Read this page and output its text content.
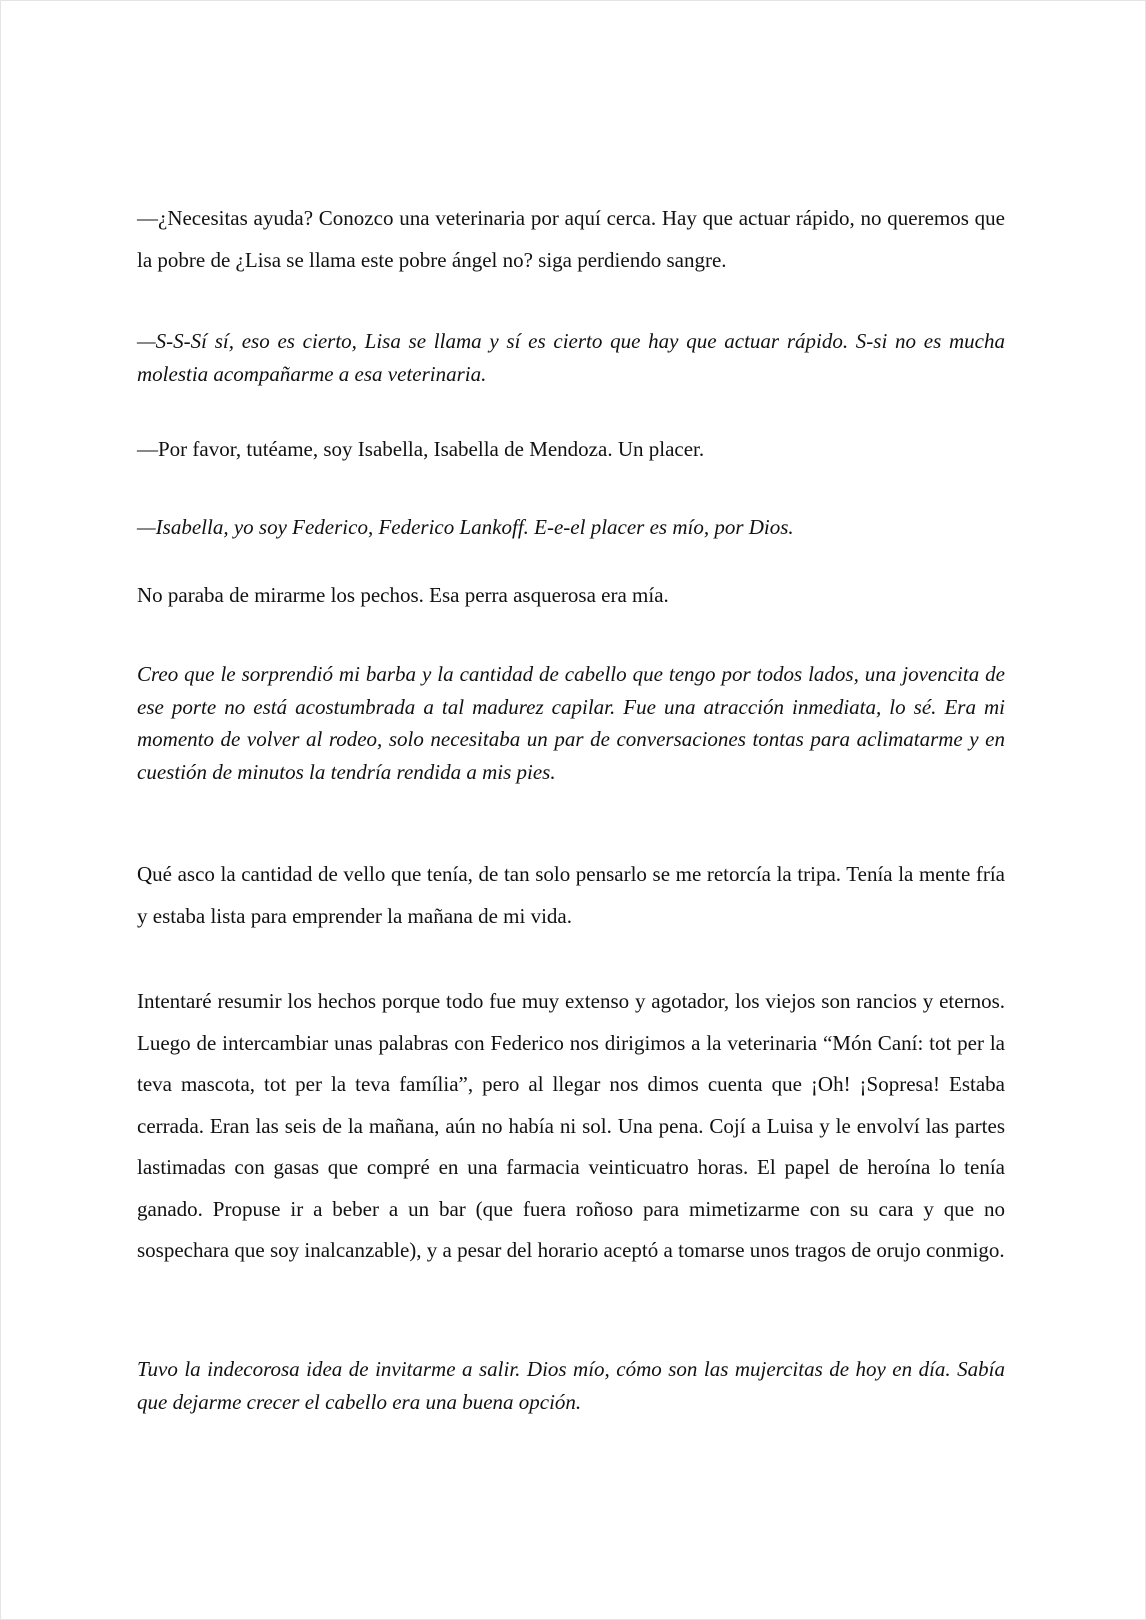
—¿Necesitas ayuda? Conozco una veterinaria por aquí cerca. Hay que actuar rápido, no queremos que la pobre de ¿Lisa se llama este pobre ángel no? siga perdiendo sangre.

—S-S-Sí sí, eso es cierto, Lisa se llama y sí es cierto que hay que actuar rápido. S-si no es mucha molestia acompañarme a esa veterinaria.

—Por favor, tutéame, soy Isabella, Isabella de Mendoza. Un placer.

—Isabella, yo soy Federico, Federico Lankoff. E-e-el placer es mío, por Dios.

No paraba de mirarme los pechos. Esa perra asquerosa era mía.

Creo que le sorprendió mi barba y la cantidad de cabello que tengo por todos lados, una jovencita de ese porte no está acostumbrada a tal madurez capilar. Fue una atracción inmediata, lo sé. Era mi momento de volver al rodeo, solo necesitaba un par de conversaciones tontas para aclimatarme y en cuestión de minutos la tendría rendida a mis pies.

Qué asco la cantidad de vello que tenía, de tan solo pensarlo se me retorcía la tripa. Tenía la mente fría y estaba lista para emprender la mañana de mi vida.

Intentaré resumir los hechos porque todo fue muy extenso y agotador, los viejos son rancios y eternos. Luego de intercambiar unas palabras con Federico nos dirigimos a la veterinaria “Món Caní: tot per la teva mascota, tot per la teva família”, pero al llegar nos dimos cuenta que ¡Oh! ¡Sopresa! Estaba cerrada. Eran las seis de la mañana, aún no había ni sol. Una pena. Cojí a Luisa y le envolví las partes lastimadas con gasas que compré en una farmacia veinticuatro horas. El papel de heroína lo tenía ganado. Propuse ir a beber a un bar (que fuera roñoso para mimetizarme con su cara y que no sospechara que soy inalcanzable), y a pesar del horario aceptó a tomarse unos tragos de orujo conmigo.

Tuvo la indecorosa idea de invitarme a salir. Dios mío, cómo son las mujercitas de hoy en día. Sabía que dejarme crecer el cabello era una buena opción.
